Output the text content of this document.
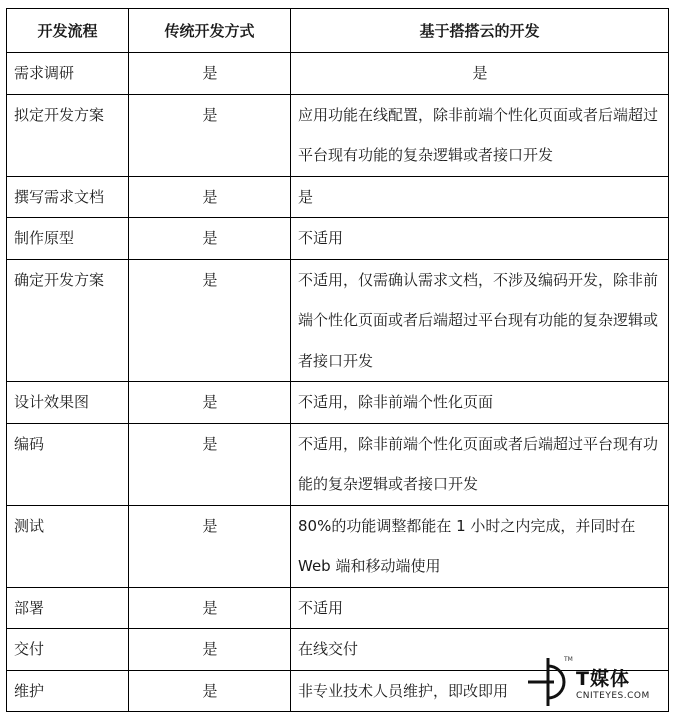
开发流程	传统开发方式	基于搭搭云的开发
需求调研	是	是
拟定开发方案	是	应用功能在线配置，除非前端个性化页面或者后端超过平台现有功能的复杂逻辑或者接口开发
撰写需求文档	是	是
制作原型	是	不适用
确定开发方案	是	不适用，仅需确认需求文档，不涉及编码开发，除非前端个性化页面或者后端超过平台现有功能的复杂逻辑或者接口开发
设计效果图	是	不适用，除非前端个性化页面
编码	是	不适用，除非前端个性化页面或者后端超过平台现有功能的复杂逻辑或者接口开发
测试	是	80%的功能调整都能在 1 小时之内完成，并同时在Web 端和移动端使用
部署	是	不适用
交付	是	在线交付
维护	是	非专业技术人员维护，即改即用
TM
T媒体
CNITEYES.COM
